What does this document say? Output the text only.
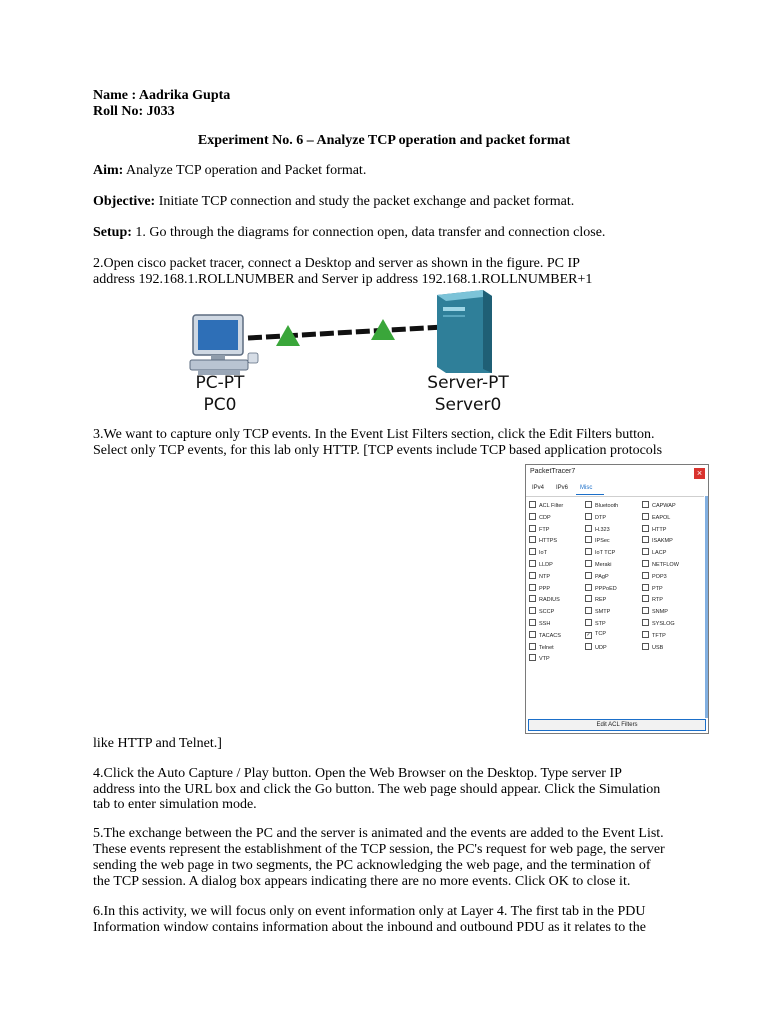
Name : Aadrika Gupta
Roll No: J033
Experiment No. 6 – Analyze TCP operation and packet format
Aim: Analyze TCP operation and Packet format.
Objective: Initiate TCP connection and study the packet exchange and packet format.
Setup: 1. Go through the diagrams for connection open, data transfer and connection close.
2.Open cisco packet tracer, connect a Desktop and server as shown in the figure. PC IP
address 192.168.1.ROLLNUMBER and Server ip address 192.168.1.ROLLNUMBER+1
PC-PT
PC0
Server-PT
Server0
3.We want to capture only TCP events. In the Event List Filters section, click the Edit Filters button.
Select only TCP events, for this lab only HTTP. [TCP events include TCP based application protocols
PacketTracer7	×
IPv4 IPv6 Misc
ACL Filter
CDP
FTP
HTTPS
IoT
LLDP
NTP
PPP
RADIUS
SCCP
SSH
TACACS
Telnet
VTP
Bluetooth
DTP
H.323
IPSec
IoT TCP
Meraki
PAgP
PPPoED
REP
SMTP
STP
✓ TCP
UDP
CAPWAP
EAPOL
HTTP
ISAKMP
LACP
NETFLOW
POP3
PTP
RTP
SNMP
SYSLOG
TFTP
USB
Edit ACL Filters
like HTTP and Telnet.]
4.Click the Auto Capture / Play button. Open the Web Browser on the Desktop. Type server IP
address into the URL box and click the Go button. The web page should appear. Click the Simulation
tab to enter simulation mode.
5.The exchange between the PC and the server is animated and the events are added to the Event List.
These events represent the establishment of the TCP session, the PC's request for web page, the server
sending the web page in two segments, the PC acknowledging the web page, and the termination of
the TCP session. A dialog box appears indicating there are no more events. Click OK to close it.
6.In this activity, we will focus only on event information only at Layer 4. The first tab in the PDU
Information window contains information about the inbound and outbound PDU as it relates to the
